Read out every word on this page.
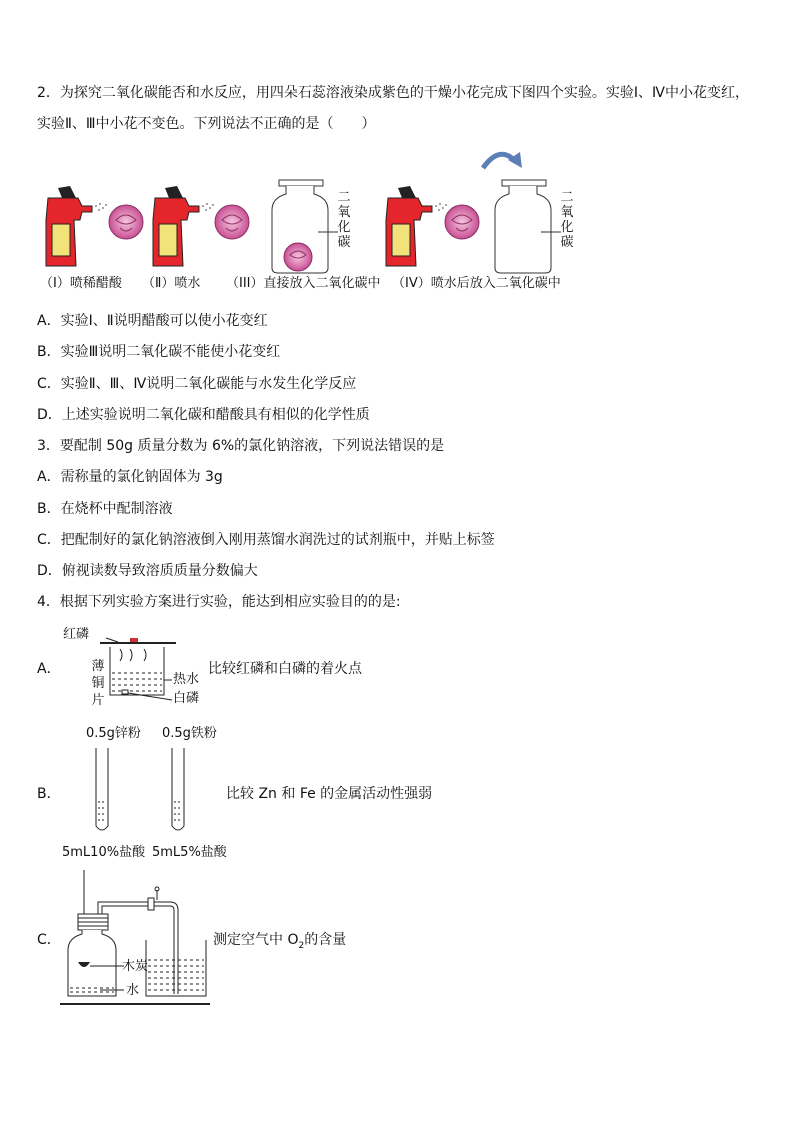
2．为探究二氧化碳能否和水反应，用四朵石蕊溶液染成紫色的干燥小花完成下图四个实验。实验Ⅰ、Ⅳ中小花变红，
实验Ⅱ、Ⅲ中小花不变色。下列说法不正确的是（　　）
二氧化碳
二氧化碳
（I）喷稀醋酸 （Ⅱ）喷水 （III）直接放入二氧化碳中 （IV）喷水后放入二氧化碳中
A．实验Ⅰ、Ⅱ说明醋酸可以使小花变红
B．实验Ⅲ说明二氧化碳不能使小花变红
C．实验Ⅱ、Ⅲ、Ⅳ说明二氧化碳能与水发生化学反应
D．上述实验说明二氧化碳和醋酸具有相似的化学性质
3．要配制 50g 质量分数为 6%的氯化钠溶液，下列说法错误的是
A．需称量的氯化钠固体为 3g
B．在烧杯中配制溶液
C．把配制好的氯化钠溶液倒入刚用蒸馏水润洗过的试剂瓶中，并贴上标签
D．俯视读数导致溶质质量分数偏大
4．根据下列实验方案进行实验，能达到相应实验目的的是:
红磷
A． 薄铜片
热水
白磷
比较红磷和白磷的着火点
0.5g锌粉 0.5g铁粉
B．	比较 Zn 和 Fe 的金属活动性强弱
5mL10%盐酸 5mL5%盐酸
C．
木炭
水
测定空气中 $O_2$的含量
